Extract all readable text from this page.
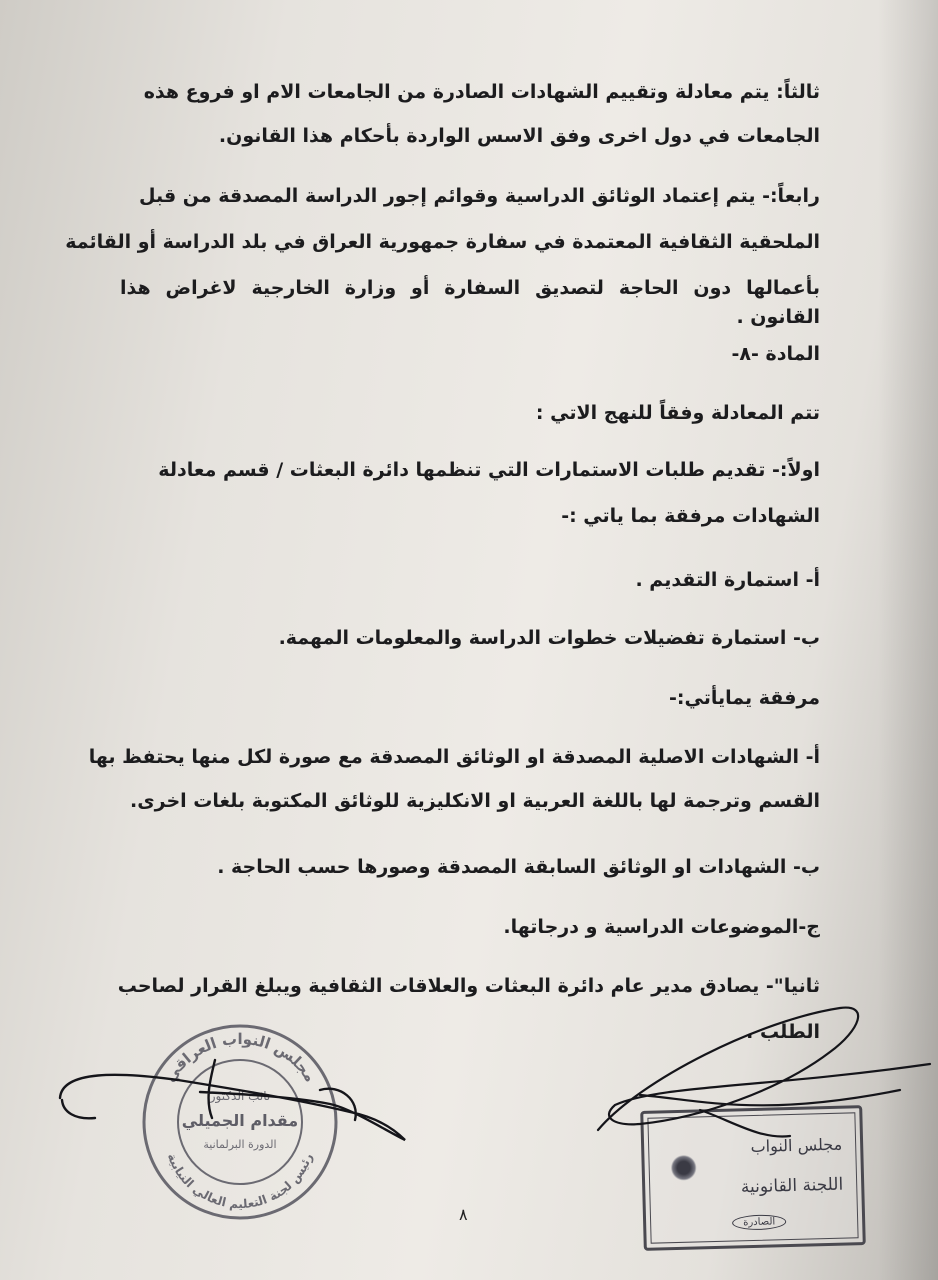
ثالثاً: يتم معادلة وتقييم الشهادات الصادرة من الجامعات الام او فروع هذه
الجامعات في دول اخرى وفق الاسس الواردة بأحكام هذا القانون.
رابعاً:- يتم إعتماد الوثائق الدراسية وقوائم إجور الدراسة المصدقة من قبل
الملحقية الثقافية المعتمدة في سفارة جمهورية العراق في بلد الدراسة أو القائمة
بأعمالها دون الحاجة لتصديق السفارة أو وزارة الخارجية لاغراض هذا القانون .
المادة -٨-
تتم المعادلة وفقاً للنهج الاتي :
اولاً:- تقديم طلبات الاستمارات التي تنظمها دائرة البعثات / قسم معادلة
الشهادات مرفقة بما ياتي :-
أ- استمارة التقديم .
ب- استمارة تفضيلات خطوات الدراسة والمعلومات المهمة.
مرفقة يمايأتي:-
أ- الشهادات الاصلية المصدقة او الوثائق المصدقة مع صورة لكل منها يحتفظ بها
القسم وترجمة لها باللغة العربية او الانكليزية للوثائق المكتوبة بلغات اخرى.
ب- الشهادات او الوثائق السابقة المصدقة وصورها حسب الحاجة .
ج-الموضوعات الدراسية و درجاتها.
ثانيا"- يصادق مدير عام دائرة البعثات والعلاقات الثقافية ويبلغ القرار لصاحب
الطلب .
مجلس النواب العراقي
رئيس لجنة التعليم العالي النيابية
نائب الدكتور
مقدام الجميلي
الدورة البرلمانية	مجلس النواب
اللجنة القانونية
الصادرة
٨
